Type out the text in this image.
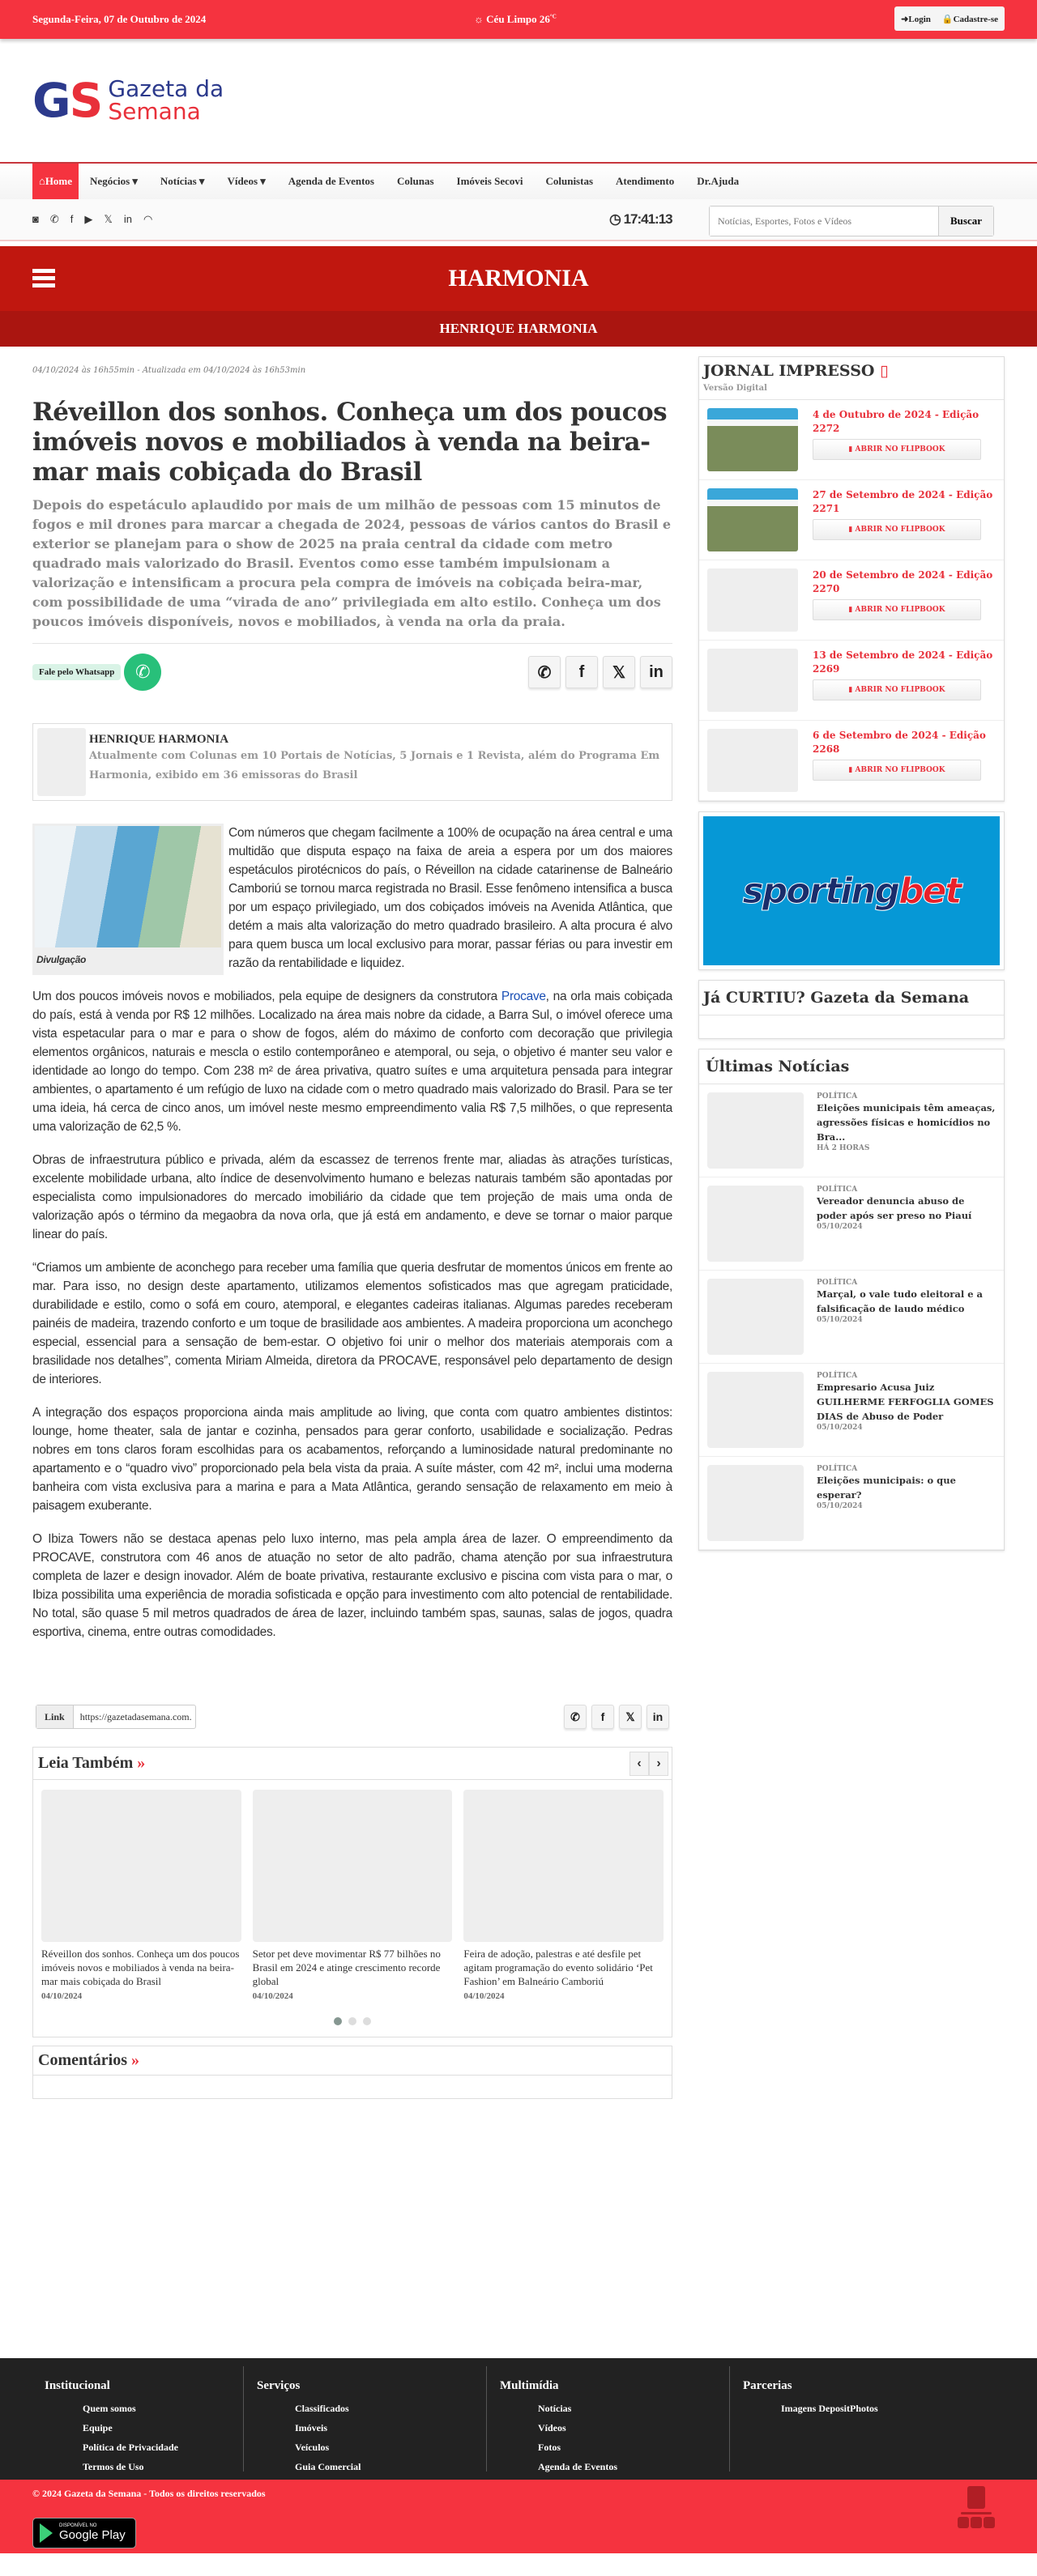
Segunda-Feira, 07 de Outubro de 2024	☼ Céu Limpo $26^{^\circ C}$	➜Login 🔒Cadastre-se
GS Gazeta da
Semana
⌂ Home	Negócios ▾	Notícias ▾	Vídeos ▾	Agenda de Eventos	Colunas	Imóveis Secovi	Colunistas	Atendimento	Dr.Ajuda
◙ ✆ f ▶ 𝕏 in ◠	◷ 17:41:13
Notícias, Esportes, Fotos e Vídeos	Buscar
HARMONIA
HENRIQUE HARMONIA
04/10/2024 às 16h55min - Atualizada em 04/10/2024 às 16h53min
Réveillon dos sonhos. Conheça um dos poucos imóveis novos e mobiliados à venda na beira-mar mais cobiçada do Brasil

Depois do espetáculo aplaudido por mais de um milhão de pessoas com 15 minutos de fogos e mil drones para marcar a chegada de 2024, pessoas de vários cantos do Brasil e exterior se planejam para o show de 2025 na praia central da cidade com metro quadrado mais valorizado do Brasil. Eventos como esse também impulsionam a valorização e intensificam a procura pela compra de imóveis na cobiçada beira-mar, com possibilidade de uma “virada de ano” privilegiada em alto estilo. Conheça um dos poucos imóveis disponíveis, novos e mobiliados, à venda na orla da praia.

Fale pelo Whatsapp	✆	✆	f	𝕏	in
HENRIQUE HARMONIA

Atualmente com Colunas em 10 Portais de Notícias, 5 Jornais e 1 Revista, além do Programa Em Harmonia, exibido em 36 emissoras do Brasil

Divulgação

Com números que chegam facilmente a 100% de ocupação na área central e uma multidão que disputa espaço na faixa de areia a espera por um dos maiores espetáculos pirotécnicos do país, o Réveillon na cidade catarinense de Balneário Camboriú se tornou marca registrada no Brasil. Esse fenômeno intensifica a busca por um espaço privilegiado, um dos cobiçados imóveis na Avenida Atlântica, que detém a mais alta valorização do metro quadrado brasileiro. A alta procura é alvo para quem busca um local exclusivo para morar, passar férias ou para investir em razão da rentabilidade e liquidez.

Um dos poucos imóveis novos e mobiliados, pela equipe de designers da construtora Procave, na orla mais cobiçada do país, está à venda por R$ 12 milhões. Localizado na área mais nobre da cidade, a Barra Sul, o imóvel oferece uma vista espetacular para o mar e para o show de fogos, além do máximo de conforto com decoração que privilegia elementos orgânicos, naturais e mescla o estilo contemporâneo e atemporal, ou seja, o objetivo é manter seu valor e identidade ao longo do tempo. Com 238 m² de área privativa, quatro suítes e uma arquitetura pensada para integrar ambientes, o apartamento é um refúgio de luxo na cidade com o metro quadrado mais valorizado do Brasil. Para se ter uma ideia, há cerca de cinco anos, um imóvel neste mesmo empreendimento valia R$ 7,5 milhões, o que representa uma valorização de 62,5 %.

Obras de infraestrutura público e privada, além da escassez de terrenos frente mar, aliadas às atrações turísticas, excelente mobilidade urbana, alto índice de desenvolvimento humano e belezas naturais também são apontadas por especialista como impulsionadores do mercado imobiliário da cidade que tem projeção de mais uma onda de valorização após o término da megaobra da nova orla, que já está em andamento, e deve se tornar o maior parque linear do país.

“Criamos um ambiente de aconchego para receber uma família que queria desfrutar de momentos únicos em frente ao mar. Para isso, no design deste apartamento, utilizamos elementos sofisticados mas que agregam praticidade, durabilidade e estilo, como o sofá em couro, atemporal, e elegantes cadeiras italianas. Algumas paredes receberam painéis de madeira, trazendo conforto e um toque de brasilidade aos ambientes. A madeira proporciona um aconchego especial, essencial para a sensação de bem-estar. O objetivo foi unir o melhor dos materiais atemporais com a brasilidade nos detalhes”, comenta Miriam Almeida, diretora da PROCAVE, responsável pelo departamento de design de interiores.

A integração dos espaços proporciona ainda mais amplitude ao living, que conta com quatro ambientes distintos: lounge, home theater, sala de jantar e cozinha, pensados para gerar conforto, usabilidade e socialização. Pedras nobres em tons claros foram escolhidas para os acabamentos, reforçando a luminosidade natural predominante no apartamento e o “quadro vivo” proporcionado pela bela vista da praia. A suíte máster, com 42 m², inclui uma moderna banheira com vista exclusiva para a marina e para a Mata Atlântica, gerando sensação de relaxamento em meio à paisagem exuberante.

O Ibiza Towers não se destaca apenas pelo luxo interno, mas pela ampla área de lazer. O empreendimento da PROCAVE, construtora com 46 anos de atuação no setor de alto padrão, chama atenção por sua infraestrutura completa de lazer e design inovador. Além de boate privativa, restaurante exclusivo e piscina com vista para o mar, o Ibiza possibilita uma experiência de moradia sofisticada e opção para investimento com alto potencial de rentabilidade. No total, são quase 5 mil metros quadrados de área de lazer, incluindo também spas, saunas, salas de jogos, quadra esportiva, cinema, entre outras comodidades.

Link	https://gazetadasemana.com.	✆	f	𝕏	in
Leia Também »	‹	›
Réveillon dos sonhos. Conheça um dos poucos imóveis novos e mobiliados à venda na beira-mar mais cobiçada do Brasil
04/10/2024
Setor pet deve movimentar R$ 77 bilhões no Brasil em 2024 e atinge crescimento recorde global
04/10/2024
Feira de adoção, palestras e até desfile pet agitam programação do evento solidário ‘Pet Fashion’ em Balneário Camboriú
04/10/2024
Comentários »
JORNAL IMPRESSO ▯
Versão Digital
4 de Outubro de 2024 - Edição 2272
▮
ABRIR NO FLIPBOOK
27 de Setembro de 2024 - Edição 2271
▮
ABRIR NO FLIPBOOK
20 de Setembro de 2024 - Edição 2270
▮
ABRIR NO FLIPBOOK
13 de Setembro de 2024 - Edição 2269
▮
ABRIR NO FLIPBOOK
6 de Setembro de 2024 - Edição 2268
▮
ABRIR NO FLIPBOOK
sporting bet
Já CURTIU? Gazeta da Semana
Últimas Notícias
POLÍTICA
Eleições municipais têm ameaças, agressões físicas e homicídios no Bra...
HÁ 2 HORAS
POLÍTICA
Vereador denuncia abuso de poder após ser preso no Piauí
05/10/2024
POLÍTICA
Marçal, o vale tudo eleitoral e a falsificação de laudo médico
05/10/2024
POLÍTICA
Empresario Acusa Juiz GUILHERME FERFOGLIA GOMES DIAS de Abuso de Poder
05/10/2024
POLÍTICA
Eleições municipais: o que esperar?
05/10/2024
Institucional
Quem somos
Equipe
Política de Privacidade
Termos de Uso
Serviços
Classificados
Imóveis
Veículos
Guia Comercial
Multimídia
Notícias
Vídeos
Fotos
Agenda de Eventos
Parcerias
Imagens DepositPhotos

© 2024 Gazeta da Semana - Todos os direitos reservados

DISPONÍVEL NO
Google Play
